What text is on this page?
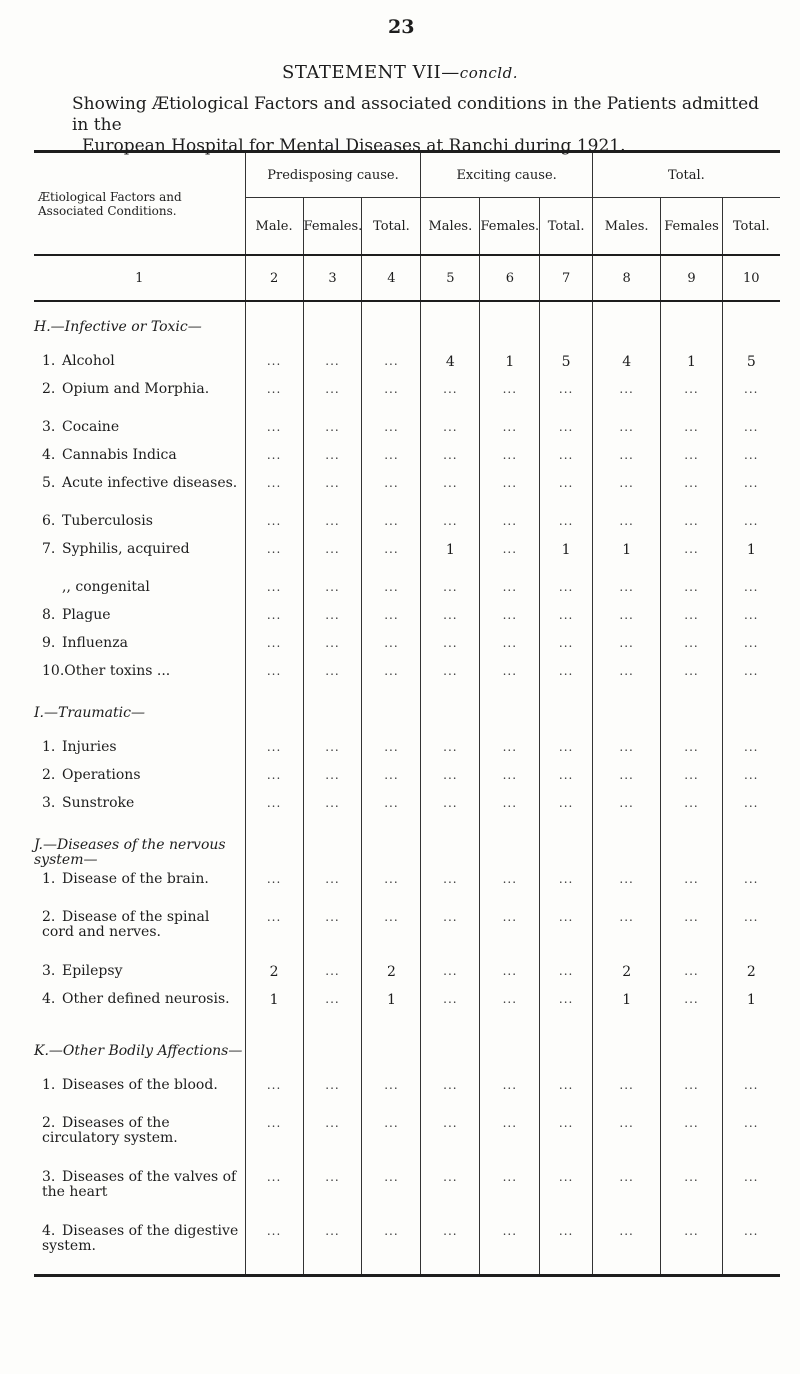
23
STATEMENT VII—concld.
Showing Ætiological Factors and associated conditions in the Patients admitted in the
European Hospital for Mental Diseases at Ranchi during 1921.

Ætiological Factors and Associated Conditions.	Predisposing cause.			Exciting cause.			Total.		
	Male.	Females.	Total.	Males.	Females.	Total.	Males.	Females	Total.
1	2	3	4	5	6	7	8	9	10
H.—Infective or Toxic—									
1. Alcohol	...	...	...	4	1	5	4	1	5
2. Opium and Morphia.	...	...	...	...	...	...	...	...	...
3. Cocaine	...	...	...	...	...	...	...	...	...
4. Cannabis Indica	...	...	...	...	...	...	...	...	...
5. Acute infective diseases.	...	...	...	...	...	...	...	...	...
6. Tuberculosis	...	...	...	...	...	...	...	...	...
7. Syphilis, acquired	...	...	...	1	...	1	1	...	1
,, congenital	...	...	...	...	...	...	...	...	...
8. Plague	...	...	...	...	...	...	...	...	...
9. Influenza	...	...	...	...	...	...	...	...	...
10.Other toxins ...	...	...	...	...	...	...	...	...	...
I.—Traumatic—									
1. Injuries	...	...	...	...	...	...	...	...	...
2. Operations	...	...	...	...	...	...	...	...	...
3. Sunstroke	...	...	...	...	...	...	...	...	...
J.—Diseases of the nervous system—									
1. Disease of the brain.	...	...	...	...	...	...	...	...	...
2. Disease of the spinal cord and nerves.	...	...	...	...	...	...	...	...	...
3. Epilepsy	2	...	2	...	...	...	2	...	2
4. Other defined neurosis.	1	...	1	...	...	...	1	...	1
K.—Other Bodily Affections—									
1. Diseases of the blood.	...	...	...	...	...	...	...	...	...
2. Diseases of the circulatory system.	...	...	...	...	...	...	...	...	...
3. Diseases of the valves of the heart	...	...	...	...	...	...	...	...	...
4. Diseases of the digestive system.	...	...	...	...	...	...	...	...	...
